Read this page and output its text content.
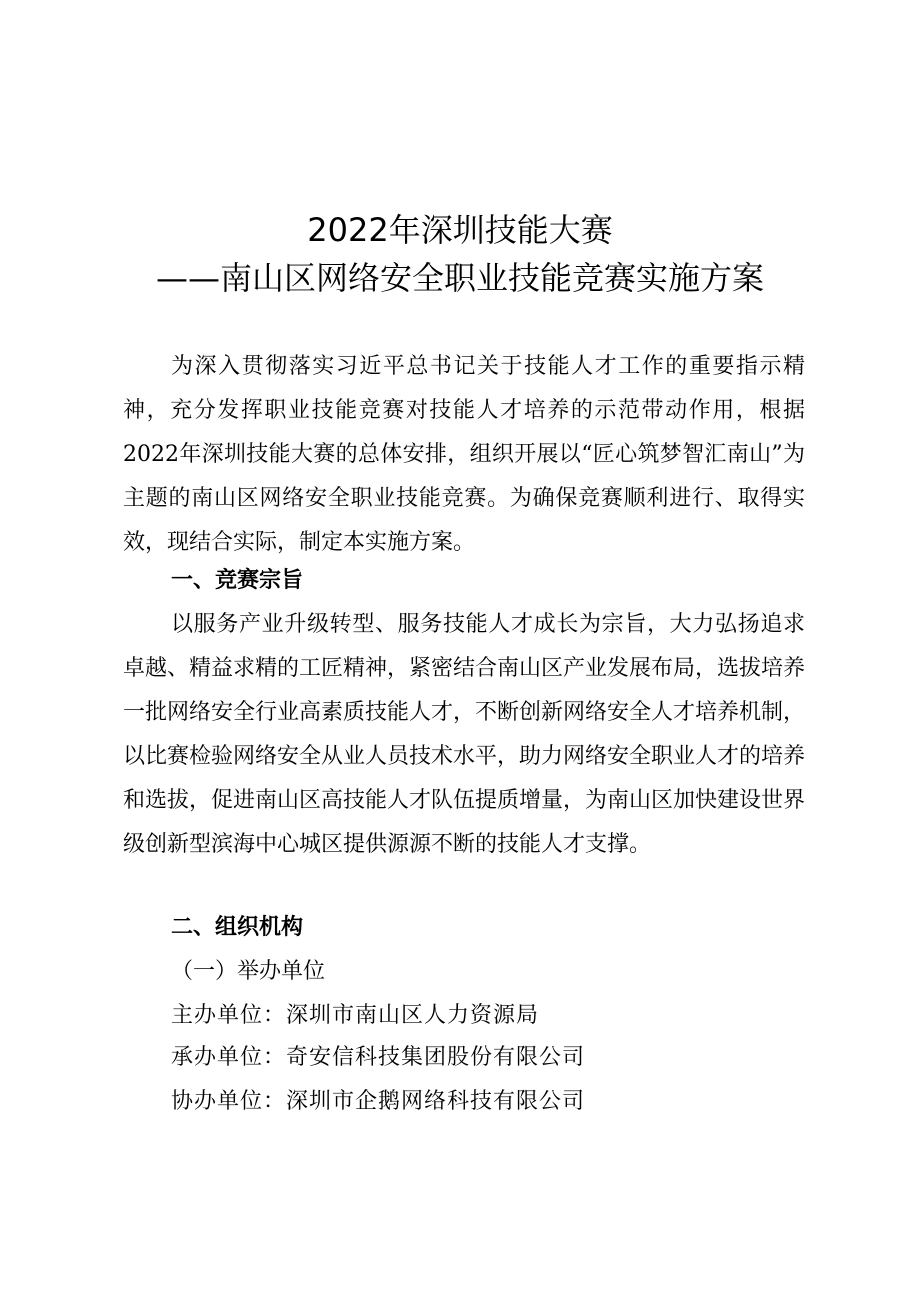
2022年深圳技能大赛
——南山区网络安全职业技能竞赛实施方案

为深入贯彻落实习近平总书记关于技能人才工作的重要指示精神，充分发挥职业技能竞赛对技能人才培养的示范带动作用，根据2022年深圳技能大赛的总体安排，组织开展以“匠心筑梦智汇南山”为主题的南山区网络安全职业技能竞赛。为确保竞赛顺利进行、取得实效，现结合实际，制定本实施方案。

一、竞赛宗旨

以服务产业升级转型、服务技能人才成长为宗旨，大力弘扬追求卓越、精益求精的工匠精神，紧密结合南山区产业发展布局，选拔培养一批网络安全行业高素质技能人才，不断创新网络安全人才培养机制，以比赛检验网络安全从业人员技术水平，助力网络安全职业人才的培养和选拔，促进南山区高技能人才队伍提质增量，为南山区加快建设世界级创新型滨海中心城区提供源源不断的技能人才支撑。

二、组织机构
（一）举办单位
主办单位：深圳市南山区人力资源局
承办单位：奇安信科技集团股份有限公司
协办单位：深圳市企鹅网络科技有限公司
